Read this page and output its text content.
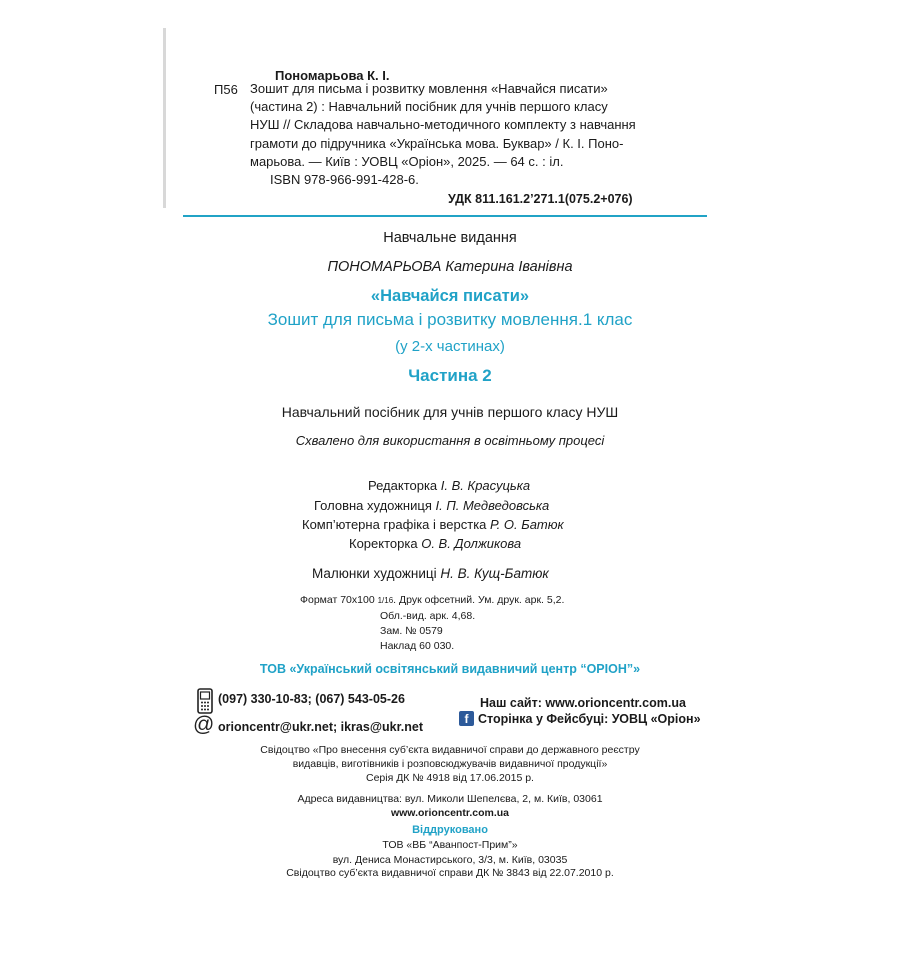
Пономарьова К. І.
П56 Зошит для письма і розвитку мовлення «Навчайся писати»
(частина 2) : Навчальний посібник для учнів першого класу
НУШ // Складова навчально-методичного комплекту з навчання
грамоти до підручника «Українська мова. Буквар» / К. І. Поно-
марьова. — Київ : УОВЦ «Оріон», 2025. — 64 с. : іл.
ISBN 978-966-991-428-6.
УДК 811.161.2’271.1(075.2+076)
Навчальне видання
ПОНОМАРЬОВА Катерина Іванівна
«Навчайся писати»
Зошит для письма і розвитку мовлення.1 клас
(у 2-х частинах)
Частина 2
Навчальний посібник для учнів першого класу НУШ
Схвалено для використання в освітньому процесі
Редакторка І. В. Красуцька
Головна художниця І. П. Медведовська
Комп’ютерна графіка і верстка Р. О. Батюк
Коректорка О. В. Должикова
Малюнки художниці Н. В. Кущ-Батюк
Формат 70х100 1/16. Друк офсетний. Ум. друк. арк. 5,2.
Обл.-вид. арк. 4,68.
Зам. № 0579
Наклад 60 030.
ТОВ «Український освітянський видавничий центр “ОРІОН”»
(097) 330-10-83; (067) 543-05-26	Наш сайт: www.orioncentr.com.ua
@ orioncentr@ukr.net; ikras@ukr.net
f Сторінка у Фейсбуці: УОВЦ «Оріон»
Свідоцтво «Про внесення суб’єкта видавничої справи до державного реєстру
видавців, виготівників і розповсюджувачів видавничої продукції»
Серія ДК № 4918 від 17.06.2015 р.
Адреса видавництва: вул. Миколи Шепелєва, 2, м. Київ, 03061
www.orioncentr.com.ua
Віддруковано
ТОВ «ВБ “Аванпост-Прим”»
вул. Дениса Монастирського, 3/3, м. Київ, 03035
Свідоцтво суб’єкта видавничої справи ДК № 3843 від 22.07.2010 р.
